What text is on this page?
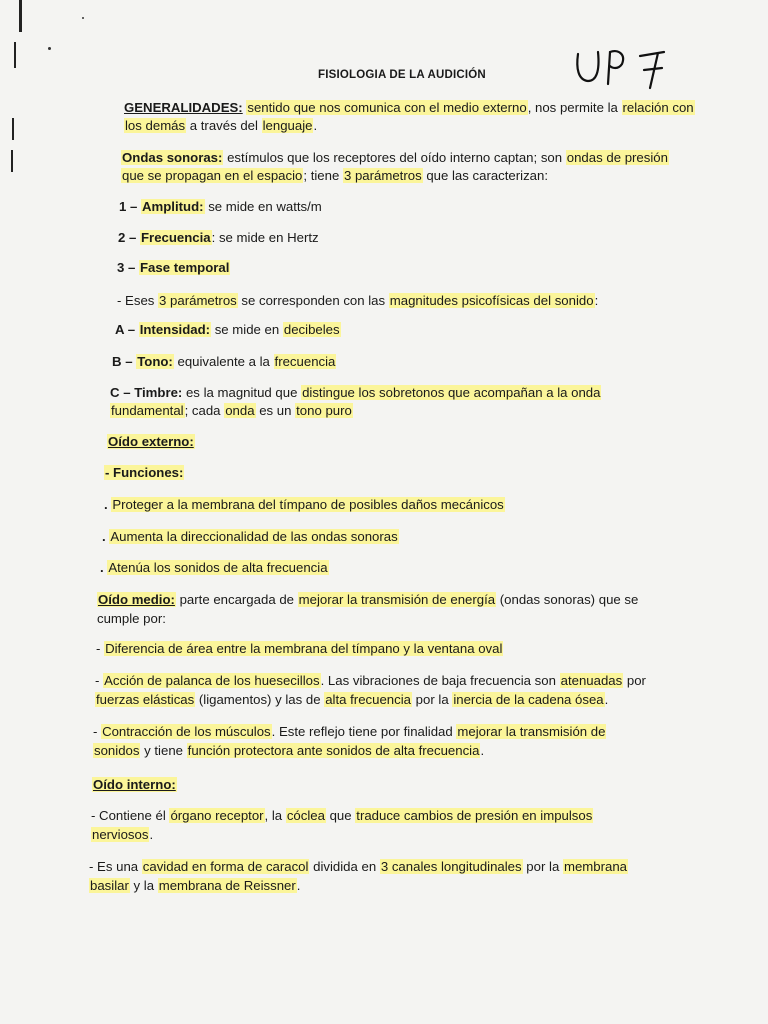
FISIOLOGIA DE LA AUDICIÓN
GENERALIDADES: sentido que nos comunica con el medio externo, nos permite la relación con
los demás a través del lenguaje.
Ondas sonoras: estímulos que los receptores del oído interno captan; son ondas de presión
que se propagan en el espacio; tiene 3 parámetros que las caracterizan:
1 – Amplitud: se mide en watts/m
2 – Frecuencia: se mide en Hertz
3 – Fase temporal
- Eses 3 parámetros se corresponden con las magnitudes psicofísicas del sonido:
A – Intensidad: se mide en decibeles
B – Tono: equivalente a la frecuencia
C – Timbre: es la magnitud que distingue los sobretonos que acompañan a la onda
fundamental; cada onda es un tono puro
Oído externo:
- Funciones:
. Proteger a la membrana del tímpano de posibles daños mecánicos
. Aumenta la direccionalidad de las ondas sonoras
. Atenúa los sonidos de alta frecuencia
Oído medio: parte encargada de mejorar la transmisión de energía (ondas sonoras) que se
cumple por:
- Diferencia de área entre la membrana del tímpano y la ventana oval
- Acción de palanca de los huesecillos. Las vibraciones de baja frecuencia son atenuadas por
fuerzas elásticas (ligamentos) y las de alta frecuencia por la inercia de la cadena ósea.
- Contracción de los músculos. Este reflejo tiene por finalidad mejorar la transmisión de
sonidos y tiene función protectora ante sonidos de alta frecuencia.
Oído interno:
- Contiene él órgano receptor, la cóclea que traduce cambios de presión en impulsos
nerviosos.
- Es una cavidad en forma de caracol dividida en 3 canales longitudinales por la membrana
basilar y la membrana de Reissner.
